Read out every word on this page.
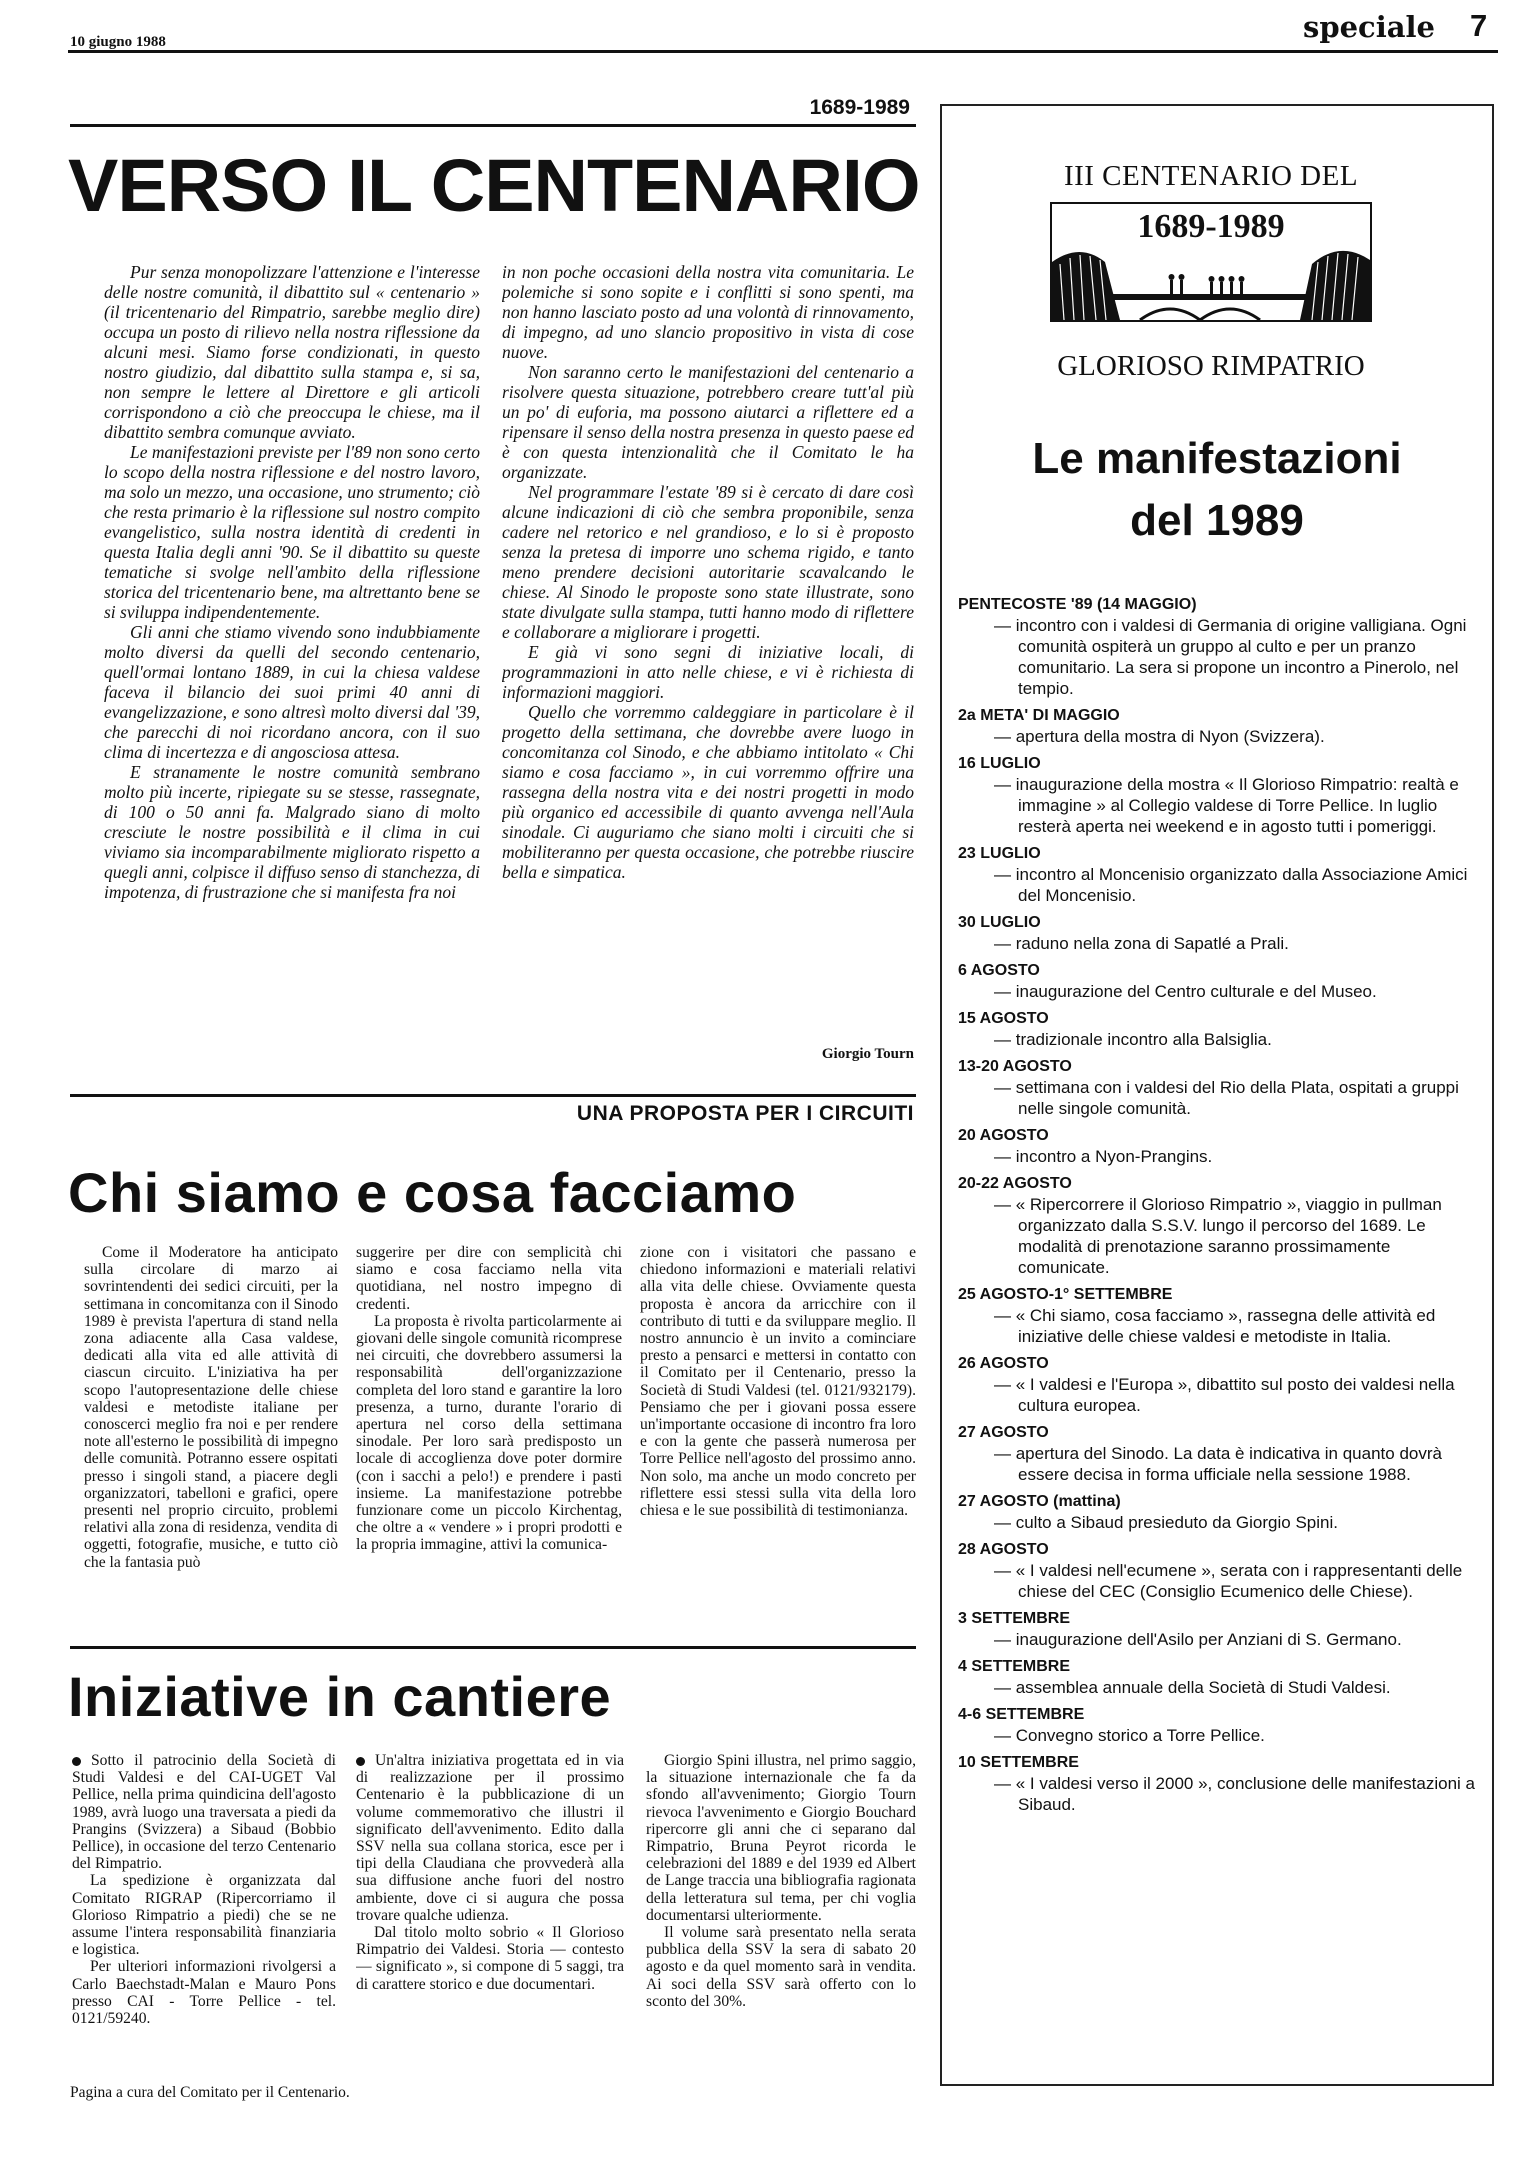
10 giugno 1988	speciale 7
1689-1989
VERSO IL CENTENARIO

Pur senza monopolizzare l'attenzione e l'interesse delle nostre comunità, il dibattito sul « centenario » (il tricentenario del Rimpatrio, sarebbe meglio dire) occupa un posto di rilievo nella nostra riflessione da alcuni mesi. Siamo forse condizionati, in questo nostro giudizio, dal dibattito sulla stampa e, si sa, non sempre le lettere al Direttore e gli articoli corrispondono a ciò che preoccupa le chiese, ma il dibattito sembra comunque avviato.

Le manifestazioni previste per l'89 non sono certo lo scopo della nostra riflessione e del nostro lavoro, ma solo un mezzo, una occasione, uno strumento; ciò che resta primario è la riflessione sul nostro compito evangelistico, sulla nostra identità di credenti in questa Italia degli anni '90. Se il dibattito su queste tematiche si svolge nell'ambito della riflessione storica del tricentenario bene, ma altrettanto bene se si sviluppa indipendentemente.

Gli anni che stiamo vivendo sono indubbiamente molto diversi da quelli del secondo centenario, quell'ormai lontano 1889, in cui la chiesa valdese faceva il bilancio dei suoi primi 40 anni di evangelizzazione, e sono altresì molto diversi dal '39, che parecchi di noi ricordano ancora, con il suo clima di incertezza e di angosciosa attesa.

E stranamente le nostre comunità sembrano molto più incerte, ripiegate su se stesse, rassegnate, di 100 o 50 anni fa. Malgrado siano di molto cresciute le nostre possibilità e il clima in cui viviamo sia incomparabilmente migliorato rispetto a quegli anni, colpisce il diffuso senso di stanchezza, di impotenza, di frustrazione che si manifesta fra noi

in non poche occasioni della nostra vita comunitaria. Le polemiche si sono sopite e i conflitti si sono spenti, ma non hanno lasciato posto ad una volontà di rinnovamento, di impegno, ad uno slancio propositivo in vista di cose nuove.

Non saranno certo le manifestazioni del centenario a risolvere questa situazione, potrebbero creare tutt'al più un po' di euforia, ma possono aiutarci a riflettere ed a ripensare il senso della nostra presenza in questo paese ed è con questa intenzionalità che il Comitato le ha organizzate.

Nel programmare l'estate '89 si è cercato di dare così alcune indicazioni di ciò che sembra proponibile, senza cadere nel retorico e nel grandioso, e lo si è proposto senza la pretesa di imporre uno schema rigido, e tanto meno prendere decisioni autoritarie scavalcando le chiese. Al Sinodo le proposte sono state illustrate, sono state divulgate sulla stampa, tutti hanno modo di riflettere e collaborare a migliorare i progetti.

E già vi sono segni di iniziative locali, di programmazioni in atto nelle chiese, e vi è richiesta di informazioni maggiori.

Quello che vorremmo caldeggiare in particolare è il progetto della settimana, che dovrebbe avere luogo in concomitanza col Sinodo, e che abbiamo intitolato « Chi siamo e cosa facciamo », in cui vorremmo offrire una rassegna della nostra vita e dei nostri progetti in modo più organico ed accessibile di quanto avvenga nell'Aula sinodale. Ci auguriamo che siano molti i circuiti che si mobiliteranno per questa occasione, che potrebbe riuscire bella e simpatica.

Giorgio Tourn
UNA PROPOSTA PER I CIRCUITI
Chi siamo e cosa facciamo

Come il Moderatore ha anticipato sulla circolare di marzo ai sovrintendenti dei sedici circuiti, per la settimana in concomitanza con il Sinodo 1989 è prevista l'apertura di stand nella zona adiacente alla Casa valdese, dedicati alla vita ed alle attività di ciascun circuito. L'iniziativa ha per scopo l'autopresentazione delle chiese valdesi e metodiste italiane per conoscerci meglio fra noi e per rendere note all'esterno le possibilità di impegno delle comunità. Potranno essere ospitati presso i singoli stand, a piacere degli organizzatori, tabelloni e grafici, opere presenti nel proprio circuito, problemi relativi alla zona di residenza, vendita di oggetti, fotografie, musiche, e tutto ciò che la fantasia può

suggerire per dire con semplicità chi siamo e cosa facciamo nella vita quotidiana, nel nostro impegno di credenti.

La proposta è rivolta particolarmente ai giovani delle singole comunità ricomprese nei circuiti, che dovrebbero assumersi la responsabilità dell'organizzazione completa del loro stand e garantire la loro presenza, a turno, durante l'orario di apertura nel corso della settimana sinodale. Per loro sarà predisposto un locale di accoglienza dove poter dormire (con i sacchi a pelo!) e prendere i pasti insieme. La manifestazione potrebbe funzionare come un piccolo Kirchentag, che oltre a « vendere » i propri prodotti e la propria immagine, attivi la comunica-

zione con i visitatori che passano e chiedono informazioni e materiali relativi alla vita delle chiese. Ovviamente questa proposta è ancora da arricchire con il contributo di tutti e da sviluppare meglio. Il nostro annuncio è un invito a cominciare presto a pensarci e mettersi in contatto con il Comitato per il Centenario, presso la Società di Studi Valdesi (tel. 0121/932179). Pensiamo che per i giovani possa essere un'importante occasione di incontro fra loro e con la gente che passerà numerosa per Torre Pellice nell'agosto del prossimo anno. Non solo, ma anche un modo concreto per riflettere essi stessi sulla vita della loro chiesa e le sue possibilità di testimonianza.

Iniziative in cantiere

Sotto il patrocinio della Società di Studi Valdesi e del CAI-UGET Val Pellice, nella prima quindicina dell'agosto 1989, avrà luogo una traversata a piedi da Prangins (Svizzera) a Sibaud (Bobbio Pellice), in occasione del terzo Centenario del Rimpatrio.

La spedizione è organizzata dal Comitato RIGRAP (Ripercorriamo il Glorioso Rimpatrio a piedi) che se ne assume l'intera responsabilità finanziaria e logistica.

Per ulteriori informazioni rivolgersi a Carlo Baechstadt-Malan e Mauro Pons presso CAI - Torre Pellice - tel. 0121/59240.

Un'altra iniziativa progettata ed in via di realizzazione per il prossimo Centenario è la pubblicazione di un volume commemorativo che illustri il significato dell'avvenimento. Edito dalla SSV nella sua collana storica, esce per i tipi della Claudiana che provvederà alla sua diffusione anche fuori del nostro ambiente, dove ci si augura che possa trovare qualche udienza.

Dal titolo molto sobrio « Il Glorioso Rimpatrio dei Valdesi. Storia — contesto — significato », si compone di 5 saggi, tra di carattere storico e due documentari.

Giorgio Spini illustra, nel primo saggio, la situazione internazionale che fa da sfondo all'avvenimento; Giorgio Tourn rievoca l'avvenimento e Giorgio Bouchard ripercorre gli anni che ci separano dal Rimpatrio, Bruna Peyrot ricorda le celebrazioni del 1889 e del 1939 ed Albert de Lange traccia una bibliografia ragionata della letteratura sul tema, per chi voglia documentarsi ulteriormente.

Il volume sarà presentato nella serata pubblica della SSV la sera di sabato 20 agosto e da quel momento sarà in vendita. Ai soci della SSV sarà offerto con lo sconto del 30%.

Pagina a cura del Comitato per il Centenario.
III CENTENARIO DEL
1689-1989
GLORIOSO RIMPATRIO
Le manifestazioni
del 1989
PENTECOSTE '89 (14 MAGGIO)
— incontro con i valdesi di Germania di origine valligiana. Ogni comunità ospiterà un gruppo al culto e per un pranzo comunitario. La sera si propone un incontro a Pinerolo, nel tempio.
2a META' DI MAGGIO
— apertura della mostra di Nyon (Svizzera).
16 LUGLIO
— inaugurazione della mostra « Il Glorioso Rimpatrio: realtà e immagine » al Collegio valdese di Torre Pellice. In luglio resterà aperta nei weekend e in agosto tutti i pomeriggi.
23 LUGLIO
— incontro al Moncenisio organizzato dalla Associazione Amici del Moncenisio.
30 LUGLIO
— raduno nella zona di Sapatlé a Prali.
6 AGOSTO
— inaugurazione del Centro culturale e del Museo.
15 AGOSTO
— tradizionale incontro alla Balsiglia.
13-20 AGOSTO
— settimana con i valdesi del Rio della Plata, ospitati a gruppi nelle singole comunità.
20 AGOSTO
— incontro a Nyon-Prangins.
20-22 AGOSTO
— « Ripercorrere il Glorioso Rimpatrio », viaggio in pullman organizzato dalla S.S.V. lungo il percorso del 1689. Le modalità di prenotazione saranno prossimamente comunicate.
25 AGOSTO-1° SETTEMBRE
— « Chi siamo, cosa facciamo », rassegna delle attività ed iniziative delle chiese valdesi e metodiste in Italia.
26 AGOSTO
— « I valdesi e l'Europa », dibattito sul posto dei valdesi nella cultura europea.
27 AGOSTO
— apertura del Sinodo. La data è indicativa in quanto dovrà essere decisa in forma ufficiale nella sessione 1988.
27 AGOSTO (mattina)
— culto a Sibaud presieduto da Giorgio Spini.
28 AGOSTO
— « I valdesi nell'ecumene », serata con i rappresentanti delle chiese del CEC (Consiglio Ecumenico delle Chiese).
3 SETTEMBRE
— inaugurazione dell'Asilo per Anziani di S. Germano.
4 SETTEMBRE
— assemblea annuale della Società di Studi Valdesi.
4-6 SETTEMBRE
— Convegno storico a Torre Pellice.
10 SETTEMBRE
— « I valdesi verso il 2000 », conclusione delle manifestazioni a Sibaud.
